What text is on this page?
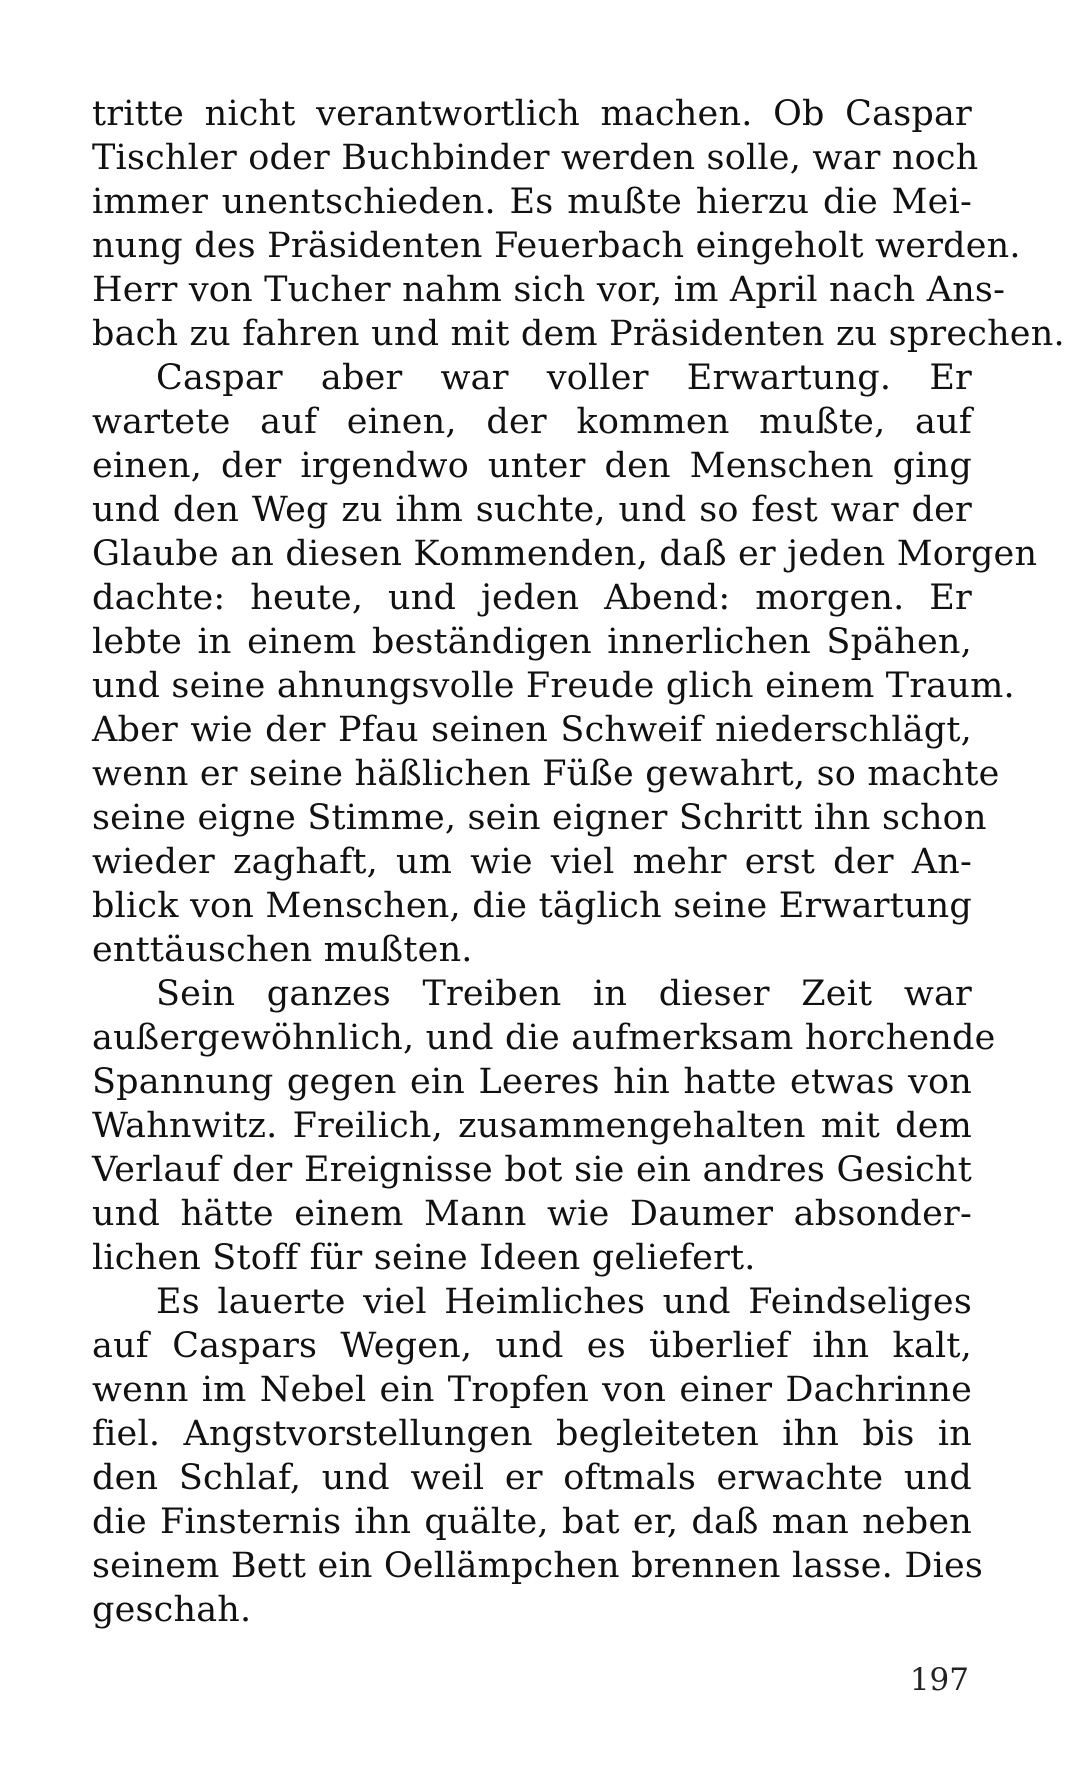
tritte nicht verantwortlich machen. Ob Caspar
Tischler oder Buchbinder werden solle, war noch
immer unentschieden. Es mußte hierzu die Mei-
nung des Präsidenten Feuerbach eingeholt werden.
Herr von Tucher nahm sich vor, im April nach Ans-
bach zu fahren und mit dem Präsidenten zu sprechen.
Caspar aber war voller Erwartung. Er
wartete auf einen, der kommen mußte, auf
einen, der irgendwo unter den Menschen ging
und den Weg zu ihm suchte, und so fest war der
Glaube an diesen Kommenden, daß er jeden Morgen
dachte: heute, und jeden Abend: morgen. Er
lebte in einem beständigen innerlichen Spähen,
und seine ahnungsvolle Freude glich einem Traum.
Aber wie der Pfau seinen Schweif niederschlägt,
wenn er seine häßlichen Füße gewahrt, so machte
seine eigne Stimme, sein eigner Schritt ihn schon
wieder zaghaft, um wie viel mehr erst der An-
blick von Menschen, die täglich seine Erwartung
enttäuschen mußten.
Sein ganzes Treiben in dieser Zeit war
außergewöhnlich, und die aufmerksam horchende
Spannung gegen ein Leeres hin hatte etwas von
Wahnwitz. Freilich, zusammengehalten mit dem
Verlauf der Ereignisse bot sie ein andres Gesicht
und hätte einem Mann wie Daumer absonder-
lichen Stoff für seine Ideen geliefert.
Es lauerte viel Heimliches und Feindseliges
auf Caspars Wegen, und es überlief ihn kalt,
wenn im Nebel ein Tropfen von einer Dachrinne
fiel. Angstvorstellungen begleiteten ihn bis in
den Schlaf, und weil er oftmals erwachte und
die Finsternis ihn quälte, bat er, daß man neben
seinem Bett ein Oellämpchen brennen lasse. Dies
geschah.
197
